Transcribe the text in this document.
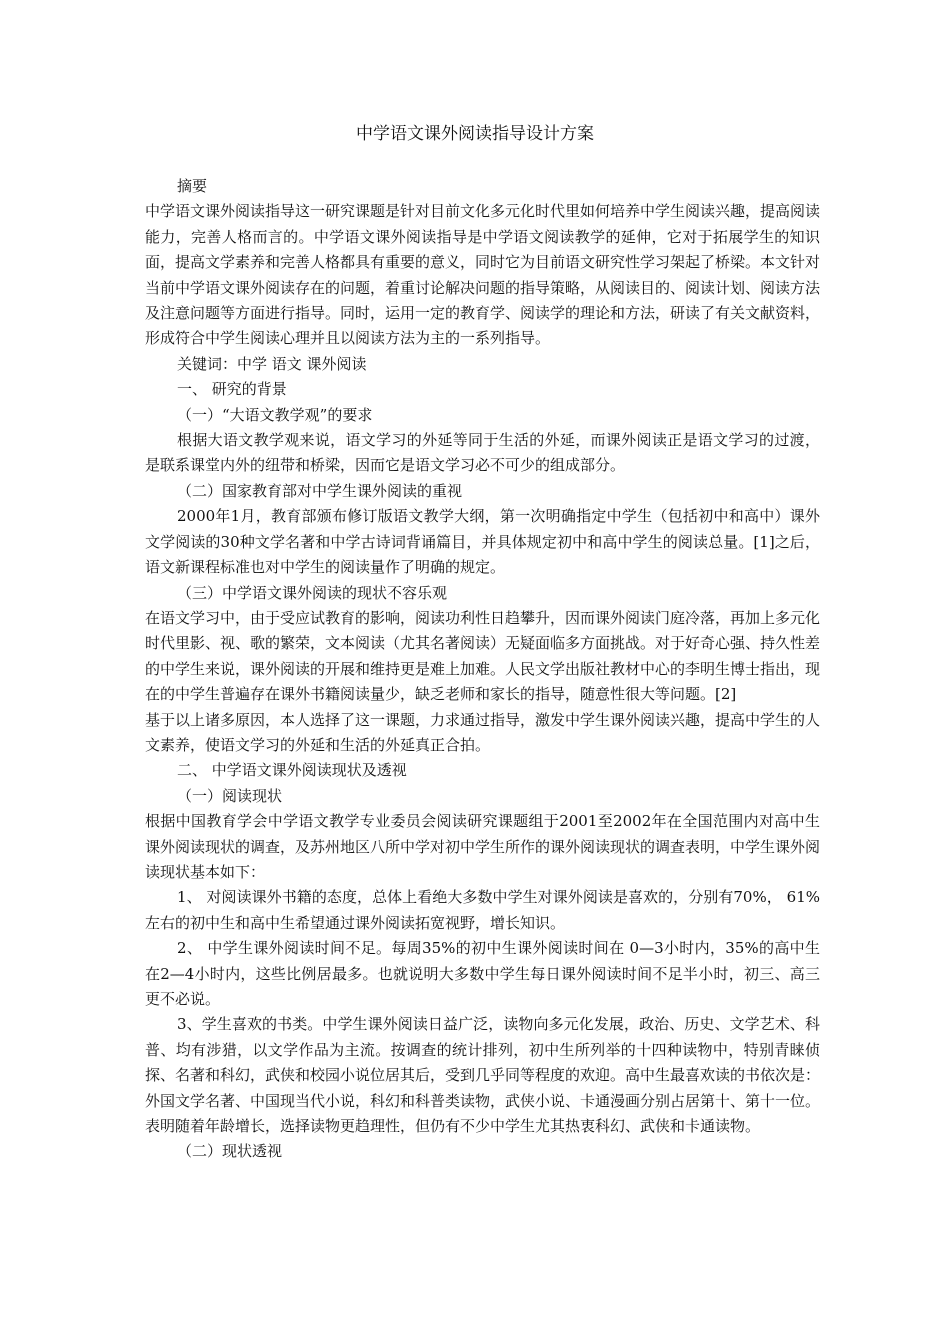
中学语文课外阅读指导设计方案

摘要

中学语文课外阅读指导这一研究课题是针对目前文化多元化时代里如何培养中学生阅读兴趣，提高阅读能力，完善人格而言的。中学语文课外阅读指导是中学语文阅读教学的延伸，它对于拓展学生的知识面，提高文学素养和完善人格都具有重要的意义，同时它为目前语文研究性学习架起了桥梁。本文针对当前中学语文课外阅读存在的问题，着重讨论解决问题的指导策略，从阅读目的、阅读计划、阅读方法及注意问题等方面进行指导。同时，运用一定的教育学、阅读学的理论和方法，研读了有关文献资料，形成符合中学生阅读心理并且以阅读方法为主的一系列指导。

关键词：中学 语文 课外阅读

一、 研究的背景

（一）“大语文教学观”的要求

根据大语文教学观来说，语文学习的外延等同于生活的外延，而课外阅读正是语文学习的过渡，是联系课堂内外的纽带和桥梁，因而它是语文学习必不可少的组成部分。

（二）国家教育部对中学生课外阅读的重视

2000年1月，教育部颁布修订版语文教学大纲，第一次明确指定中学生（包括初中和高中）课外文学阅读的30种文学名著和中学古诗词背诵篇目，并具体规定初中和高中学生的阅读总量。[1]之后，语文新课程标准也对中学生的阅读量作了明确的规定。

（三）中学语文课外阅读的现状不容乐观

在语文学习中，由于受应试教育的影响，阅读功利性日趋攀升，因而课外阅读门庭冷落，再加上多元化时代里影、视、歌的繁荣，文本阅读（尤其名著阅读）无疑面临多方面挑战。对于好奇心强、持久性差的中学生来说，课外阅读的开展和维持更是难上加难。人民文学出版社教材中心的李明生博士指出，现在的中学生普遍存在课外书籍阅读量少，缺乏老师和家长的指导，随意性很大等问题。[2]

基于以上诸多原因，本人选择了这一课题，力求通过指导，激发中学生课外阅读兴趣，提高中学生的人文素养，使语文学习的外延和生活的外延真正合拍。

二、 中学语文课外阅读现状及透视

（一）阅读现状

根据中国教育学会中学语文教学专业委员会阅读研究课题组于2001至2002年在全国范围内对高中生课外阅读现状的调查，及苏州地区八所中学对初中学生所作的课外阅读现状的调查表明，中学生课外阅读现状基本如下：

1、 对阅读课外书籍的态度，总体上看绝大多数中学生对课外阅读是喜欢的，分别有70%， 61%左右的初中生和高中生希望通过课外阅读拓宽视野，增长知识。

2、 中学生课外阅读时间不足。每周35%的初中生课外阅读时间在 0—3小时内，35%的高中生在2—4小时内，这些比例居最多。也就说明大多数中学生每日课外阅读时间不足半小时，初三、高三更不必说。

3、学生喜欢的书类。中学生课外阅读日益广泛，读物向多元化发展，政治、历史、文学艺术、科普、均有涉猎，以文学作品为主流。按调查的统计排列，初中生所列举的十四种读物中，特别青睐侦探、名著和科幻，武侠和校园小说位居其后，受到几乎同等程度的欢迎。高中生最喜欢读的书依次是：外国文学名著、中国现当代小说，科幻和科普类读物，武侠小说、卡通漫画分别占居第十、第十一位。表明随着年龄增长，选择读物更趋理性，但仍有不少中学生尤其热衷科幻、武侠和卡通读物。

（二）现状透视
